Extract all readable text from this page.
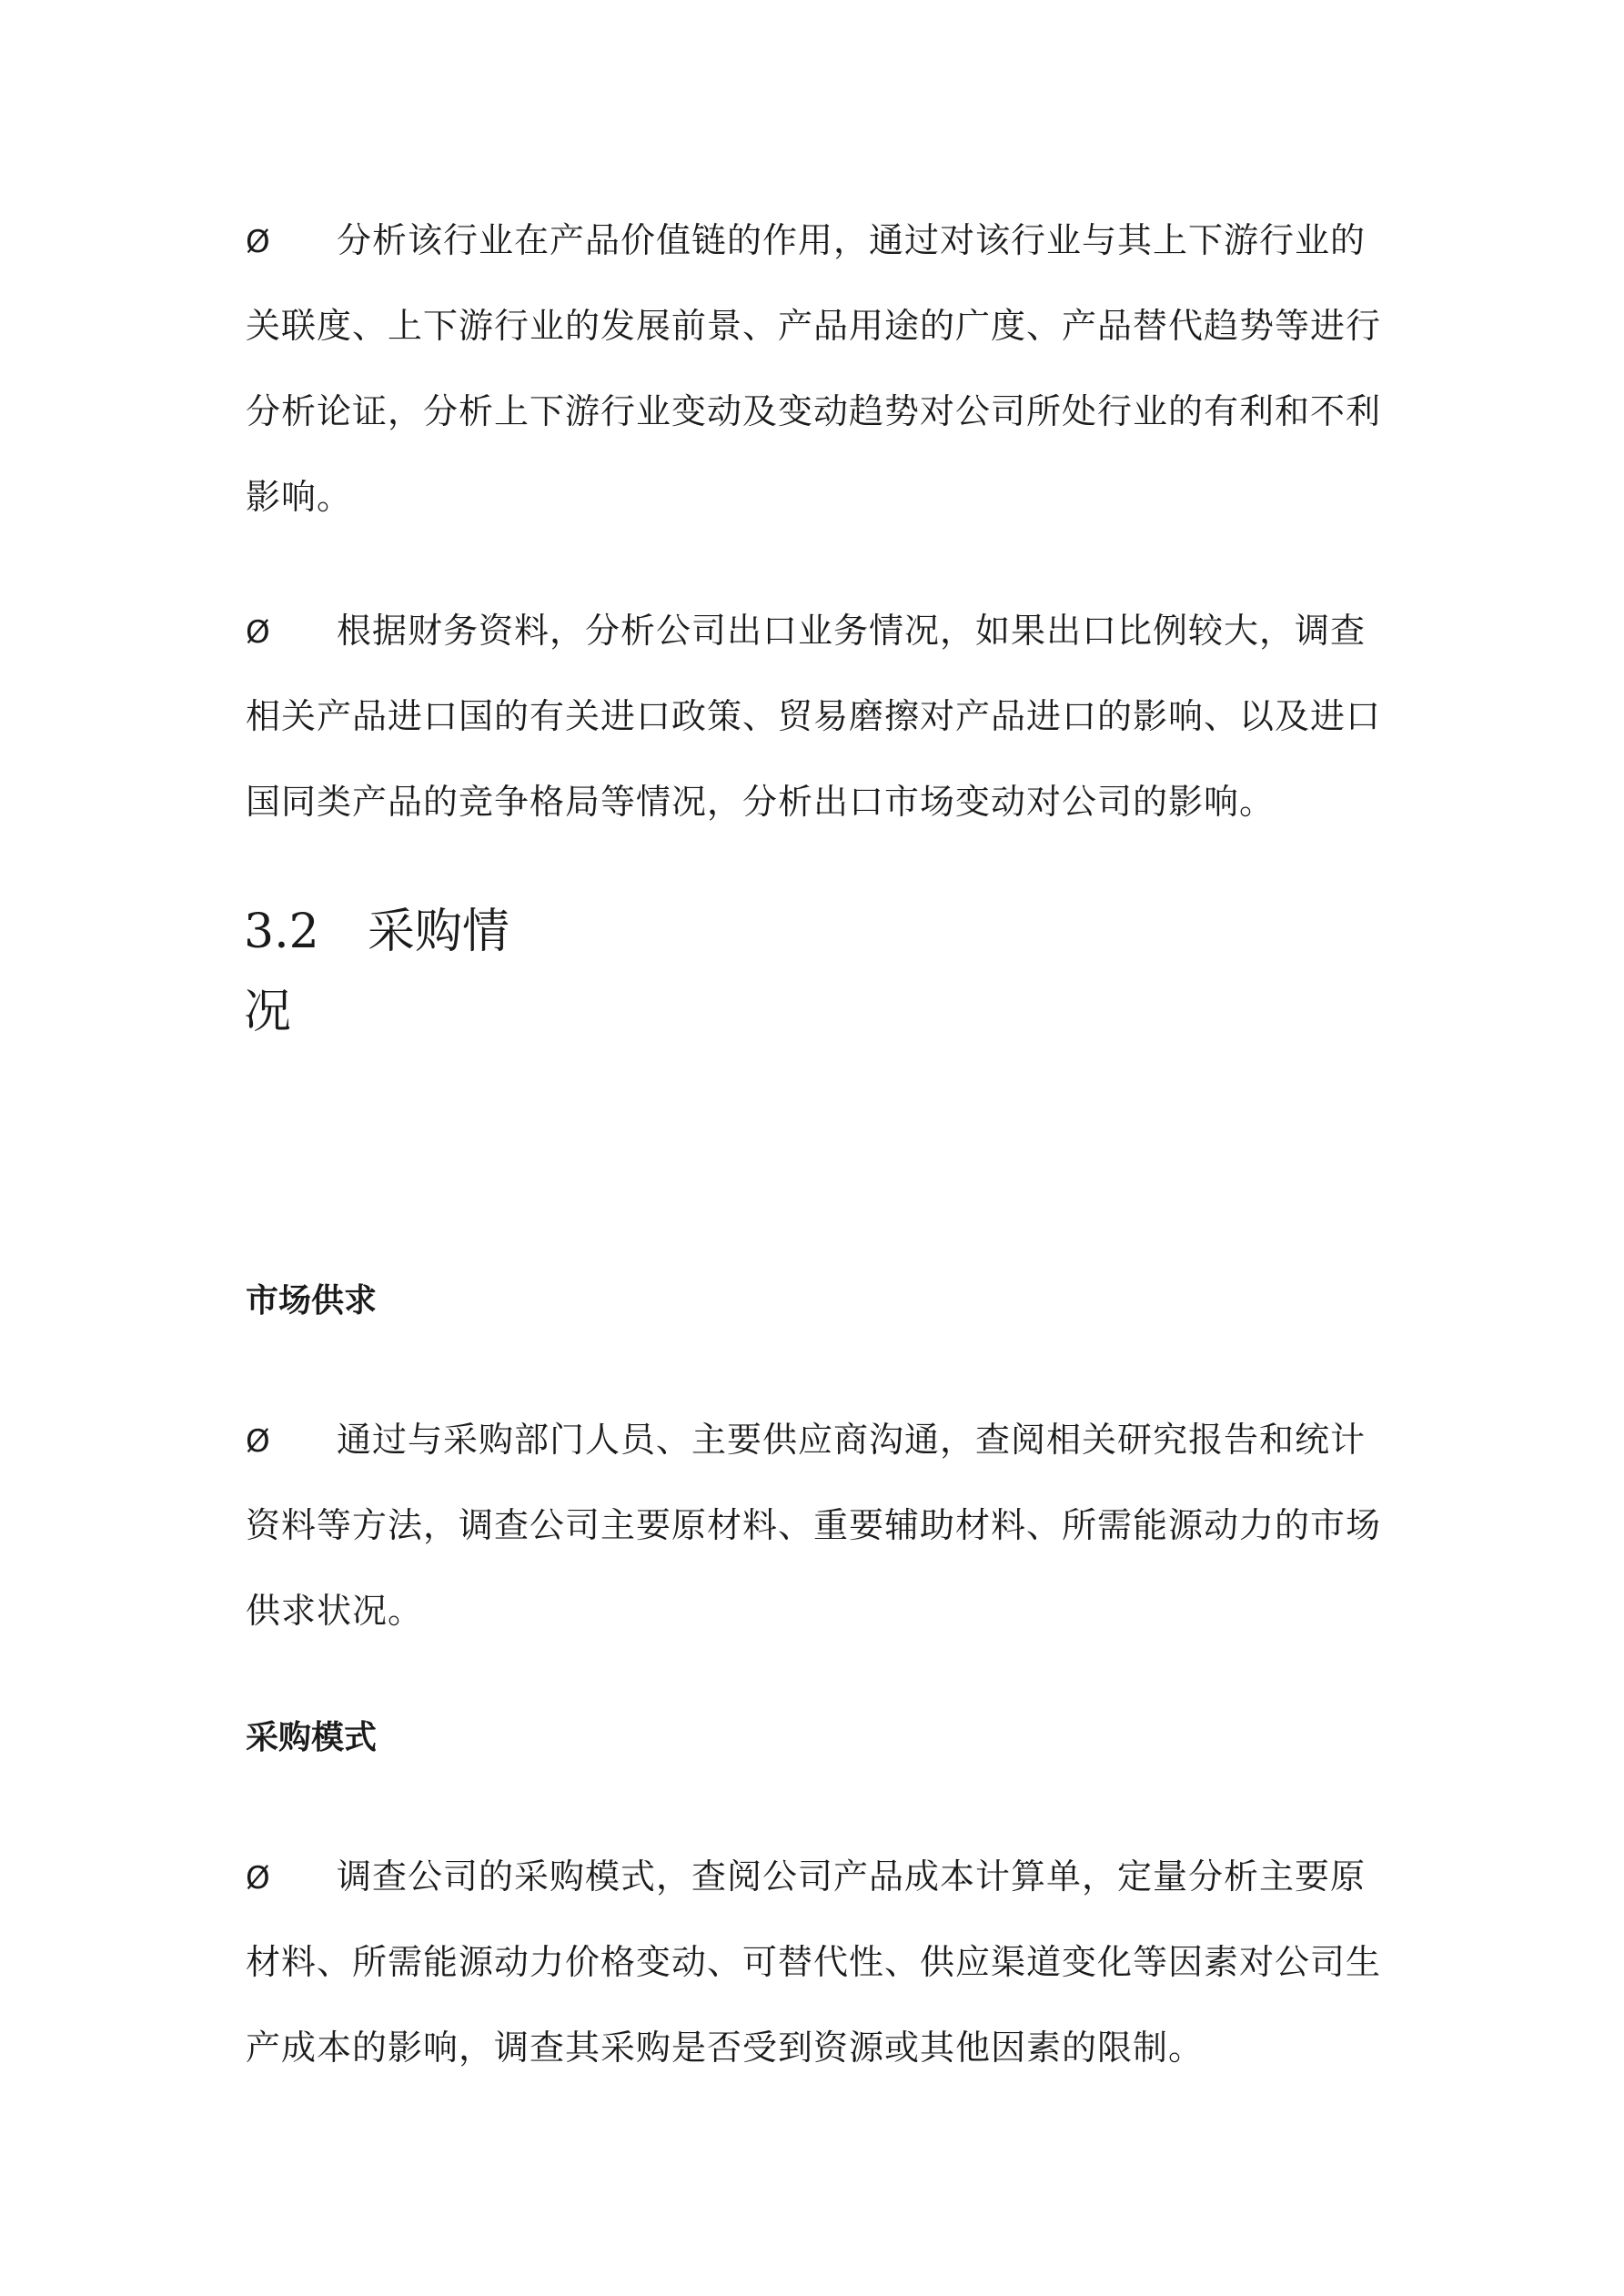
Ø 分析该行业在产品价值链的作用，通过对该行业与其上下游行业的
关联度、上下游行业的发展前景、产品用途的广度、产品替代趋势等进行
分析论证，分析上下游行业变动及变动趋势对公司所处行业的有利和不利
影响。

Ø 根据财务资料，分析公司出口业务情况，如果出口比例较大，调查
相关产品进口国的有关进口政策、贸易磨擦对产品进口的影响、以及进口
国同类产品的竞争格局等情况，分析出口市场变动对公司的影响。

3.2 采购情
况
市场供求

Ø 通过与采购部门人员、主要供应商沟通，查阅相关研究报告和统计
资料等方法，调查公司主要原材料、重要辅助材料、所需能源动力的市场
供求状况。

采购模式

Ø 调查公司的采购模式，查阅公司产品成本计算单，定量分析主要原
材料、所需能源动力价格变动、可替代性、供应渠道变化等因素对公司生
产成本的影响，调查其采购是否受到资源或其他因素的限制。
